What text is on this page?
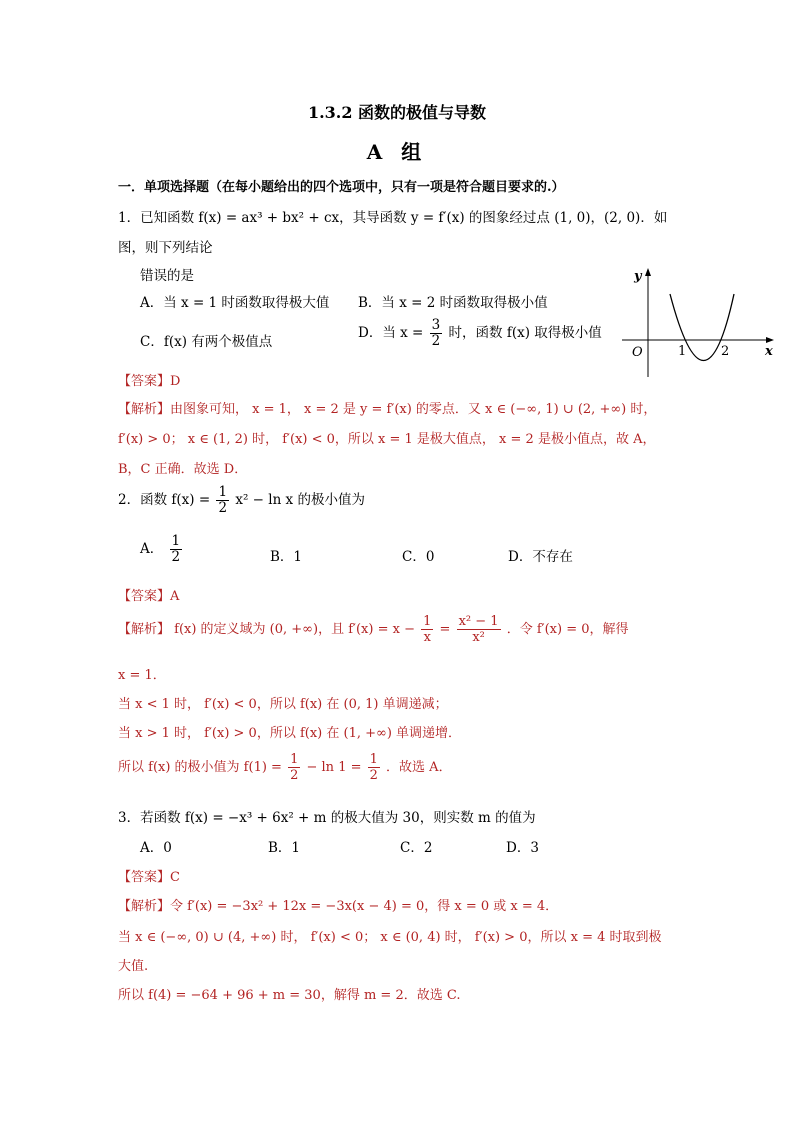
1.3.2 函数的极值与导数
A 组
一．单项选择题（在每小题给出的四个选项中，只有一项是符合题目要求的.）
1．已知函数 f(x) = ax³ + bx² + cx，其导函数 y = f′(x) 的图象经过点 (1, 0)，(2, 0)．如
图，则下列结论
错误的是
A．当 x = 1 时函数取得极大值 B．当 x = 2 时函数取得极小值
C．f(x) 有两个极值点
D．当 $x = \frac{3}{2}$ 时，函数 f(x) 取得极小值
y
x
O	1	2
【答案】D
【解析】由图象可知， x = 1， x = 2 是 y = f′(x) 的零点．又 x ∈ (−∞, 1) ∪ (2, +∞) 时，
f′(x) > 0； x ∈ (1, 2) 时， f′(x) < 0，所以 x = 1 是极大值点， x = 2 是极小值点，故 A，
B，C 正确．故选 D．
2．函数 $f(x) = \frac{1}{2} x^2 - \ln x$ 的极小值为
A． $\frac{1}{2}$	B．1	C．0	D．不存在
【答案】A
【解析】 f(x) 的定义域为 (0, +∞)，且 $f'(x) = x - \frac{1}{x} = \frac{\text{x² − 1}}{\text{x²}}$ ．令 f′(x) = 0，解得
x = 1．
当 x < 1 时， f′(x) < 0，所以 f(x) 在 (0, 1) 单调递减；
当 x > 1 时， f′(x) > 0，所以 f(x) 在 (1, +∞) 单调递增．
所以 f(x) 的极小值为 $f(1) = \frac{1}{2} - \ln 1 = \frac{1}{2}$ ．故选 A．
3．若函数 f(x) = −x³ + 6x² + m 的极大值为 30，则实数 m 的值为
A．0	B．1	C．2	D．3
【答案】C
【解析】令 f′(x) = −3x² + 12x = −3x(x − 4) = 0，得 x = 0 或 x = 4．
当 x ∈ (−∞, 0) ∪ (4, +∞) 时， f′(x) < 0； x ∈ (0, 4) 时， f′(x) > 0，所以 x = 4 时取到极
大值.
所以 f(4) = −64 + 96 + m = 30，解得 m = 2．故选 C.
